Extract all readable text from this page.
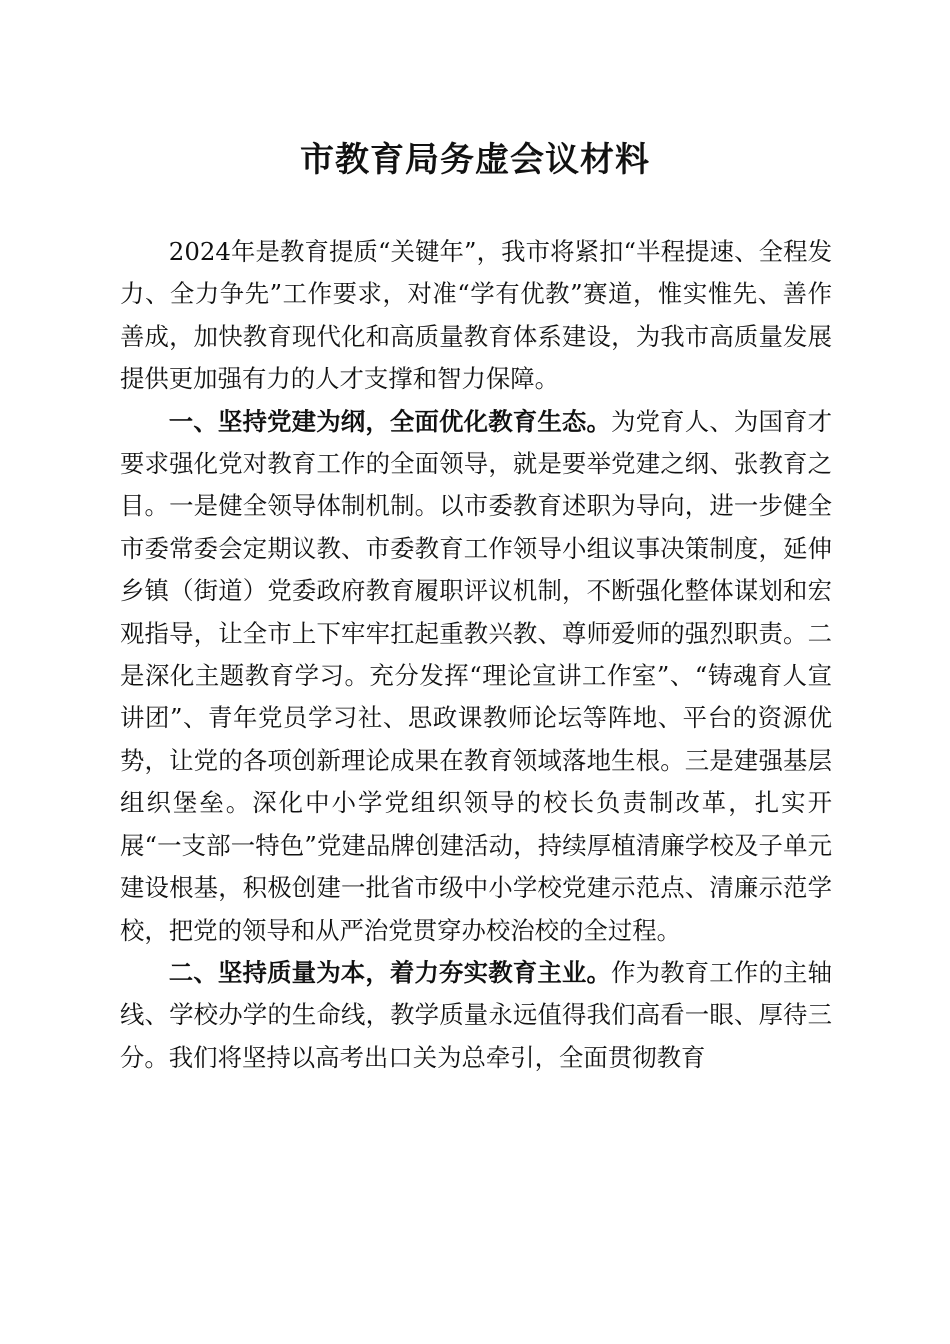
市教育局务虚会议材料

2024年是教育提质“关键年”，我市将紧扣“半程提速、全程发力、全力争先”工作要求，对准“学有优教”赛道，惟实惟先、善作善成，加快教育现代化和高质量教育体系建设，为我市高质量发展提供更加强有力的人才支撑和智力保障。

一、坚持党建为纲，全面优化教育生态。为党育人、为国育才要求强化党对教育工作的全面领导，就是要举党建之纲、张教育之目。一是健全领导体制机制。以市委教育述职为导向，进一步健全市委常委会定期议教、市委教育工作领导小组议事决策制度，延伸乡镇（街道）党委政府教育履职评议机制，不断强化整体谋划和宏观指导，让全市上下牢牢扛起重教兴教、尊师爱师的强烈职责。二是深化主题教育学习。充分发挥“理论宣讲工作室”、“铸魂育人宣讲团”、青年党员学习社、思政课教师论坛等阵地、平台的资源优势，让党的各项创新理论成果在教育领域落地生根。三是建强基层组织堡垒。深化中小学党组织领导的校长负责制改革，扎实开展“一支部一特色”党建品牌创建活动，持续厚植清廉学校及子单元建设根基，积极创建一批省市级中小学校党建示范点、清廉示范学校，把党的领导和从严治党贯穿办校治校的全过程。

二、坚持质量为本，着力夯实教育主业。作为教育工作的主轴线、学校办学的生命线，教学质量永远值得我们高看一眼、厚待三分。我们将坚持以高考出口关为总牵引，全面贯彻教育
